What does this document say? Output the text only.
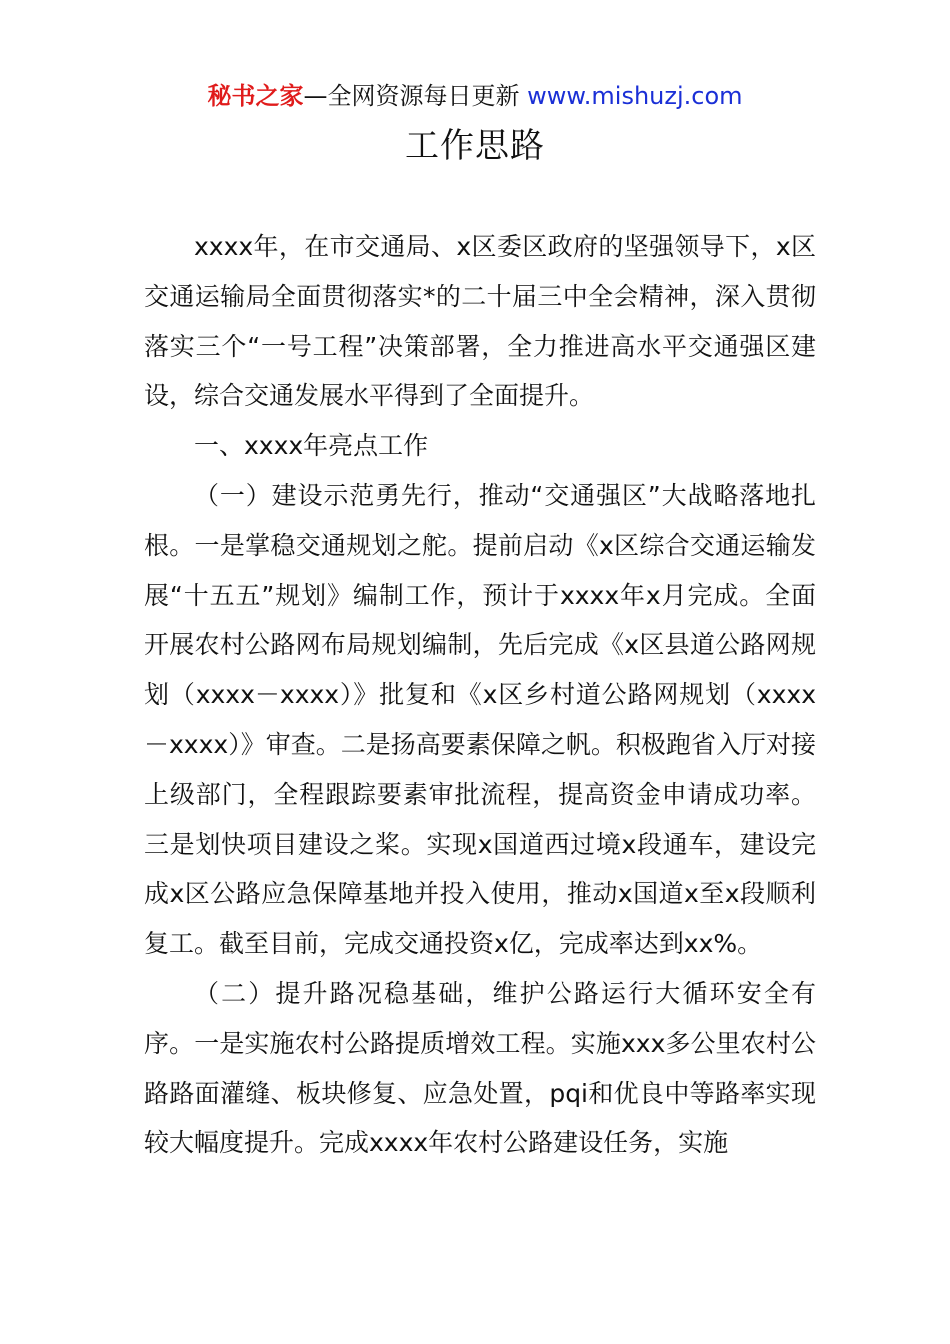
秘书之家—全网资源每日更新 www.mishuzj.com
工作思路

xxxx年，在市交通局、x区委区政府的坚强领导下，x区交通运输局全面贯彻落实*的二十届三中全会精神，深入贯彻落实三个“一号工程”决策部署，全力推进高水平交通强区建设，综合交通发展水平得到了全面提升。

一、xxxx年亮点工作

（一）建设示范勇先行，推动“交通强区”大战略落地扎根。一是掌稳交通规划之舵。提前启动《x区综合交通运输发展“十五五”规划》编制工作，预计于xxxx年x月完成。全面开展农村公路网布局规划编制，先后完成《x区县道公路网规划（xxxx－xxxx）》批复和《x区乡村道公路网规划（xxxx－xxxx）》审查。二是扬高要素保障之帆。积极跑省入厅对接上级部门，全程跟踪要素审批流程，提高资金申请成功率。三是划快项目建设之桨。实现x国道西过境x段通车，建设完成x区公路应急保障基地并投入使用，推动x国道x至x段顺利复工。截至目前，完成交通投资x亿，完成率达到xx%。

（二）提升路况稳基础，维护公路运行大循环安全有序。一是实施农村公路提质增效工程。实施xxx多公里农村公路路面灌缝、板块修复、应急处置，pqi和优良中等路率实现较大幅度提升。完成xxxx年农村公路建设任务，实施
